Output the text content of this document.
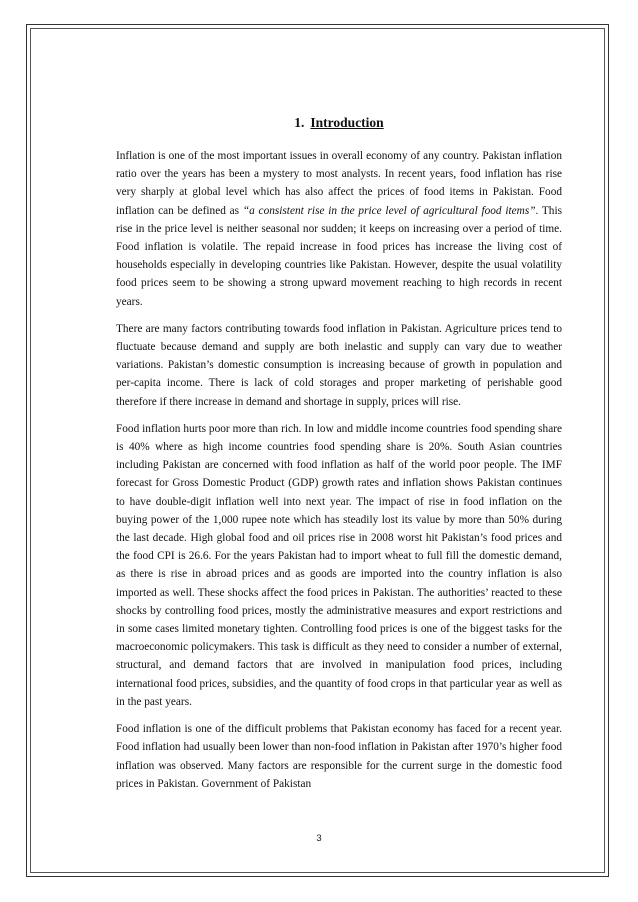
1. Introduction

Inflation is one of the most important issues in overall economy of any country. Pakistan inflation ratio over the years has been a mystery to most analysts. In recent years, food inflation has rise very sharply at global level which has also affect the prices of food items in Pakistan. Food inflation can be defined as “a consistent rise in the price level of agricultural food items”. This rise in the price level is neither seasonal nor sudden; it keeps on increasing over a period of time. Food inflation is volatile. The repaid increase in food prices has increase the living cost of households especially in developing countries like Pakistan. However, despite the usual volatility food prices seem to be showing a strong upward movement reaching to high records in recent years.

There are many factors contributing towards food inflation in Pakistan. Agriculture prices tend to fluctuate because demand and supply are both inelastic and supply can vary due to weather variations. Pakistan’s domestic consumption is increasing because of growth in population and per-capita income. There is lack of cold storages and proper marketing of perishable good therefore if there increase in demand and shortage in supply, prices will rise.

Food inflation hurts poor more than rich. In low and middle income countries food spending share is 40% where as high income countries food spending share is 20%. South Asian countries including Pakistan are concerned with food inflation as half of the world poor people. The IMF forecast for Gross Domestic Product (GDP) growth rates and inflation shows Pakistan continues to have double-digit inflation well into next year. The impact of rise in food inflation on the buying power of the 1,000 rupee note which has steadily lost its value by more than 50% during the last decade. High global food and oil prices rise in 2008 worst hit Pakistan’s food prices and the food CPI is 26.6. For the years Pakistan had to import wheat to full fill the domestic demand, as there is rise in abroad prices and as goods are imported into the country inflation is also imported as well. These shocks affect the food prices in Pakistan. The authorities’ reacted to these shocks by controlling food prices, mostly the administrative measures and export restrictions and in some cases limited monetary tighten. Controlling food prices is one of the biggest tasks for the macroeconomic policymakers. This task is difficult as they need to consider a number of external, structural, and demand factors that are involved in manipulation food prices, including international food prices, subsidies, and the quantity of food crops in that particular year as well as in the past years.

Food inflation is one of the difficult problems that Pakistan economy has faced for a recent year. Food inflation had usually been lower than non-food inflation in Pakistan after 1970’s higher food inflation was observed. Many factors are responsible for the current surge in the domestic food prices in Pakistan. Government of Pakistan

3
